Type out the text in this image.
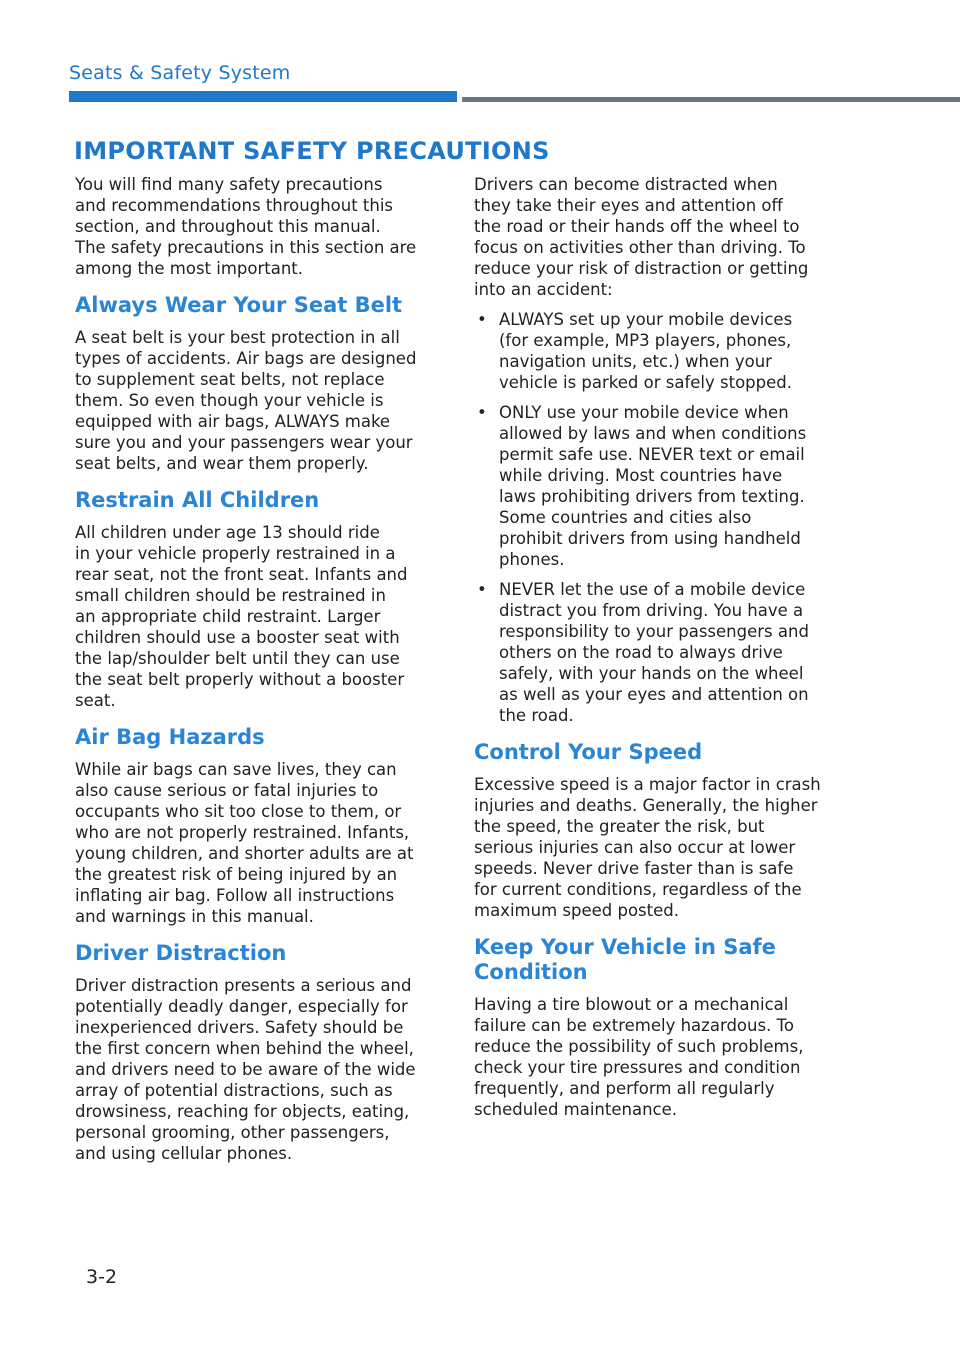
Seats & Safety System
IMPORTANT SAFETY PRECAUTIONS

You will find many safety precautions
and recommendations throughout this
section, and throughout this manual.
The safety precautions in this section are
among the most important.

Always Wear Your Seat Belt

A seat belt is your best protection in all
types of accidents. Air bags are designed
to supplement seat belts, not replace
them. So even though your vehicle is
equipped with air bags, ALWAYS make
sure you and your passengers wear your
seat belts, and wear them properly.

Restrain All Children

All children under age 13 should ride
in your vehicle properly restrained in a
rear seat, not the front seat. Infants and
small children should be restrained in
an appropriate child restraint. Larger
children should use a booster seat with
the lap/shoulder belt until they can use
the seat belt properly without a booster
seat.

Air Bag Hazards

While air bags can save lives, they can
also cause serious or fatal injuries to
occupants who sit too close to them, or
who are not properly restrained. Infants,
young children, and shorter adults are at
the greatest risk of being injured by an
inflating air bag. Follow all instructions
and warnings in this manual.

Driver Distraction

Driver distraction presents a serious and
potentially deadly danger, especially for
inexperienced drivers. Safety should be
the first concern when behind the wheel,
and drivers need to be aware of the wide
array of potential distractions, such as
drowsiness, reaching for objects, eating,
personal grooming, other passengers,
and using cellular phones.

Drivers can become distracted when
they take their eyes and attention off
the road or their hands off the wheel to
focus on activities other than driving. To
reduce your risk of distraction or getting
into an accident:

• ALWAYS set up your mobile devices
(for example, MP3 players, phones,
navigation units, etc.) when your
vehicle is parked or safely stopped.
• ONLY use your mobile device when
allowed by laws and when conditions
permit safe use. NEVER text or email
while driving. Most countries have
laws prohibiting drivers from texting.
Some countries and cities also
prohibit drivers from using handheld
phones.
• NEVER let the use of a mobile device
distract you from driving. You have a
responsibility to your passengers and
others on the road to always drive
safely, with your hands on the wheel
as well as your eyes and attention on
the road.
Control Your Speed

Excessive speed is a major factor in crash
injuries and deaths. Generally, the higher
the speed, the greater the risk, but
serious injuries can also occur at lower
speeds. Never drive faster than is safe
for current conditions, regardless of the
maximum speed posted.

Keep Your Vehicle in Safe
Condition

Having a tire blowout or a mechanical
failure can be extremely hazardous. To
reduce the possibility of such problems,
check your tire pressures and condition
frequently, and perform all regularly
scheduled maintenance.

3-2
